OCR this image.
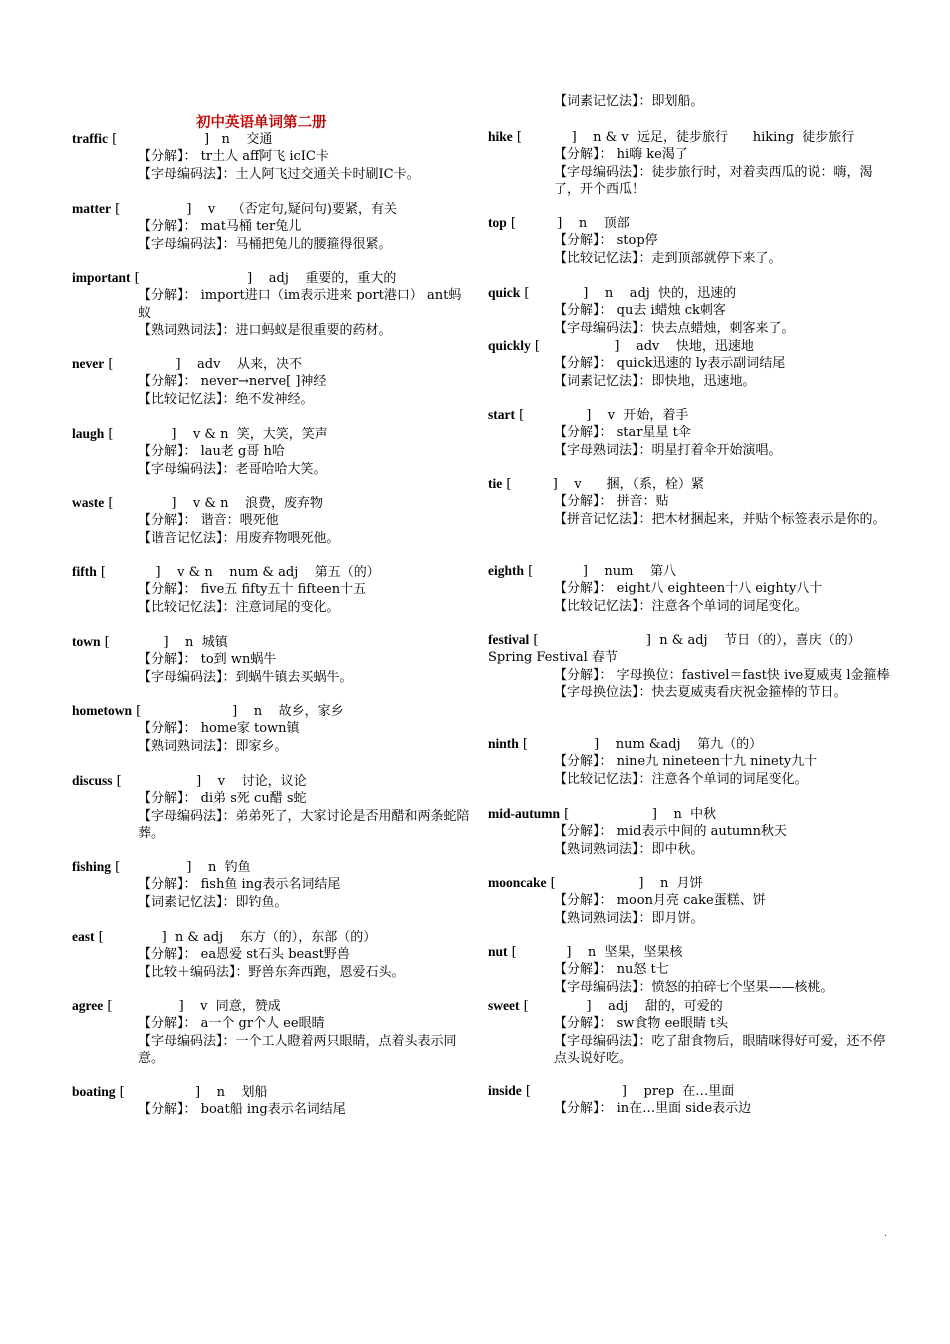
初中英语单词第二册
traffic [ ]   n    交通
【分解】： tr土人 aff阿飞 icIC卡
【字母编码法】：土人阿飞过交通关卡时刷IC卡。
matter [ ]    v    （否定句,疑问句)要紧，有关
【分解】： mat马桶 ter兔儿
【字母编码法】：马桶把兔儿的腰箍得很紧。
important [ ]    adj    重要的，重大的
【分解】： import进口（im表示进来 port港口） ant蚂蚁
【熟词熟词法】：进口蚂蚁是很重要的药材。
never [ ]    adv    从来，决不
【分解】： never→nerve[ ]神经
【比较记忆法】：绝不发神经。
laugh [ ]    v & n  笑，大笑，笑声
【分解】： lau老 g哥 h哈
【字母编码法】：老哥哈哈大笑。
waste [ ]    v & n    浪费，废弃物
【分解】： 谐音：喂死他
【谐音记忆法】：用废弃物喂死他。
fifth [ ]    v & n    num & adj    第五（的）
【分解】： five五 fifty五十 fifteen十五
【比较记忆法】：注意词尾的变化。
town [ ]    n  城镇
【分解】： to到 wn蜗牛
【字母编码法】：到蜗牛镇去买蜗牛。
hometown [ ]    n    故乡，家乡
【分解】： home家 town镇
【熟词熟词法】：即家乡。
discuss [ ]    v    讨论，议论
【分解】： di弟 s死 cu醋 s蛇
【字母编码法】：弟弟死了，大家讨论是否用醋和两条蛇陪葬。
fishing [ ]    n  钓鱼
【分解】： fish鱼 ing表示名词结尾
【词素记忆法】：即钓鱼。
east [ ]  n & adj    东方（的），东部（的）
【分解】： ea恩爱 st石头 beast野兽
【比较＋编码法】：野兽东奔西跑，恩爱石头。
agree [ ]    v  同意，赞成
【分解】： a一个 gr个人 ee眼睛
【字母编码法】：一个工人瞪着两只眼睛，点着头表示同意。
boating [ ]    n    划船
【分解】： boat船 ing表示名词结尾
【词素记忆法】：即划船。
hike [ ]    n & v  远足，徒步旅行      hiking  徒步旅行
【分解】： hi嗨 ke渴了
【字母编码法】：徒步旅行时，对着卖西瓜的说：嗨，渴了，开个西瓜！
top [ ]    n    顶部
【分解】： stop停
【比较记忆法】：走到顶部就停下来了。
quick [ ]    n    adj  快的，迅速的
【分解】： qu去 i蜡烛 ck刺客
【字母编码法】：快去点蜡烛，刺客来了。
quickly [ ]    adv    快地，迅速地
【分解】： quick迅速的 ly表示副词结尾
【词素记忆法】：即快地，迅速地。
start [ ]    v  开始，着手
【分解】： star星星 t伞
【字母熟词法】：明星打着伞开始演唱。
tie [ ]    v      捆，（系，栓）紧
【分解】： 拼音：贴
【拼音记忆法】：把木材捆起来，并贴个标签表示是你的。
eighth [ ]    num    第八
【分解】： eight八 eighteen十八 eighty八十
【比较记忆法】：注意各个单词的词尾变化。
festival [ ]  n & adj    节日（的），喜庆（的）
Spring Festival 春节
【分解】： 字母换位：fastivel＝fast快 ive夏威夷 l金箍棒
【字母换位法】：快去夏威夷看庆祝金箍棒的节日。
ninth [ ]    num &adj    第九（的）
【分解】： nine九 nineteen十九 ninety九十
【比较记忆法】：注意各个单词的词尾变化。
mid-autumn [ ]    n  中秋
【分解】： mid表示中间的 autumn秋天
【熟词熟词法】：即中秋。
mooncake [ ]    n  月饼
【分解】： moon月亮 cake蛋糕、饼
【熟词熟词法】：即月饼。
nut [ ]    n  坚果，坚果核
【分解】： nu怒 t七
【字母编码法】：愤怒的拍碎七个坚果——核桃。
sweet [ ]    adj    甜的，可爱的
【分解】： sw食物 ee眼睛 t头
【字母编码法】：吃了甜食物后，眼睛咪得好可爱，还不停点头说好吃。
inside [ ]    prep  在…里面
【分解】： in在…里面 side表示边
.
